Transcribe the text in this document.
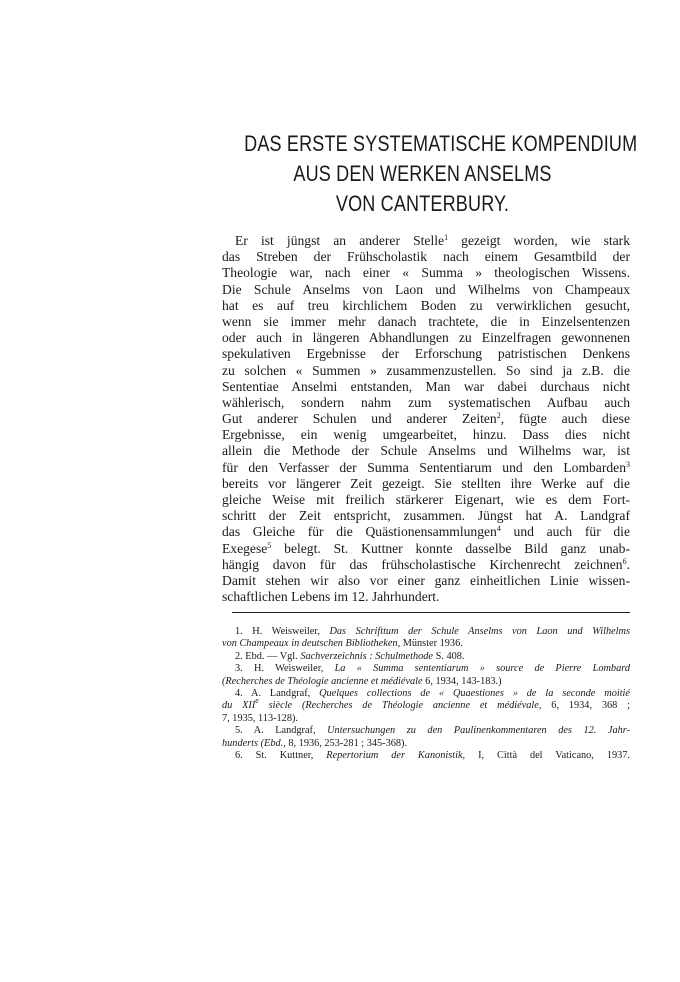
DAS ERSTE SYSTEMATISCHE KOMPENDIUM
AUS DEN WERKEN ANSELMS
VON CANTERBURY.
Er ist jüngst an anderer Stelle$^1$ gezeigt worden, wie stark
das Streben der Frühscholastik nach einem Gesamtbild der
Theologie war, nach einer « Summa » theologischen Wissens.
Die Schule Anselms von Laon und Wilhelms von Champeaux
hat es auf treu kirchlichem Boden zu verwirklichen gesucht,
wenn sie immer mehr danach trachtete, die in Einzelsentenzen
oder auch in längeren Abhandlungen zu Einzelfragen gewonnenen
spekulativen Ergebnisse der Erforschung patristischen Denkens
zu solchen « Summen » zusammenzustellen. So sind ja z.B. die
Sententiae Anselmi entstanden, Man war dabei durchaus nicht
wählerisch, sondern nahm zum systematischen Aufbau auch
Gut anderer Schulen und anderer Zeiten$^2$, fügte auch diese
Ergebnisse, ein wenig umgearbeitet, hinzu. Dass dies nicht
allein die Methode der Schule Anselms und Wilhelms war, ist
für den Verfasser der Summa Sententiarum und den Lombarden$^3$
bereits vor längerer Zeit gezeigt. Sie stellten ihre Werke auf die
gleiche Weise mit freilich stärkerer Eigenart, wie es dem Fort-
schritt der Zeit entspricht, zusammen. Jüngst hat A. Landgraf
das Gleiche für die Quästionensammlungen$^4$ und auch für die
Exegese$^5$ belegt. St. Kuttner konnte dasselbe Bild ganz unab-
hängig davon für das frühscholastische Kirchenrecht zeichnen$^6$.
Damit stehen wir also vor einer ganz einheitlichen Linie wissen-
schaftlichen Lebens im 12. Jahrhundert.
1. H. Weisweiler, Das Schrifttum der Schule Anselms von Laon und Wilhelms
von Champeaux in deutschen Bibliotheken, Münster 1936.
2. Ebd. — Vgl. Sachverzeichnis : Schulmethode S. 408.
3. H. Weisweiler, La « Summa sententiarum » source de Pierre Lombard
(Recherches de Théologie ancienne et médiévale 6, 1934, 143-183.)
4. A. Landgraf, Quelques collections de « Quaestiones » de la seconde moitié
du XIIe siècle (Recherches de Théologie ancienne et médiévale, 6, 1934, 368 ;
7, 1935, 113-128).
5. A. Landgraf, Untersuchungen zu den Paulinenkommentaren des 12. Jahr-
hunderts (Ebd., 8, 1936, 253-281 ; 345-368).
6. St. Kuttner, Repertorium der Kanonistik, I, Città del Vaticano, 1937.
